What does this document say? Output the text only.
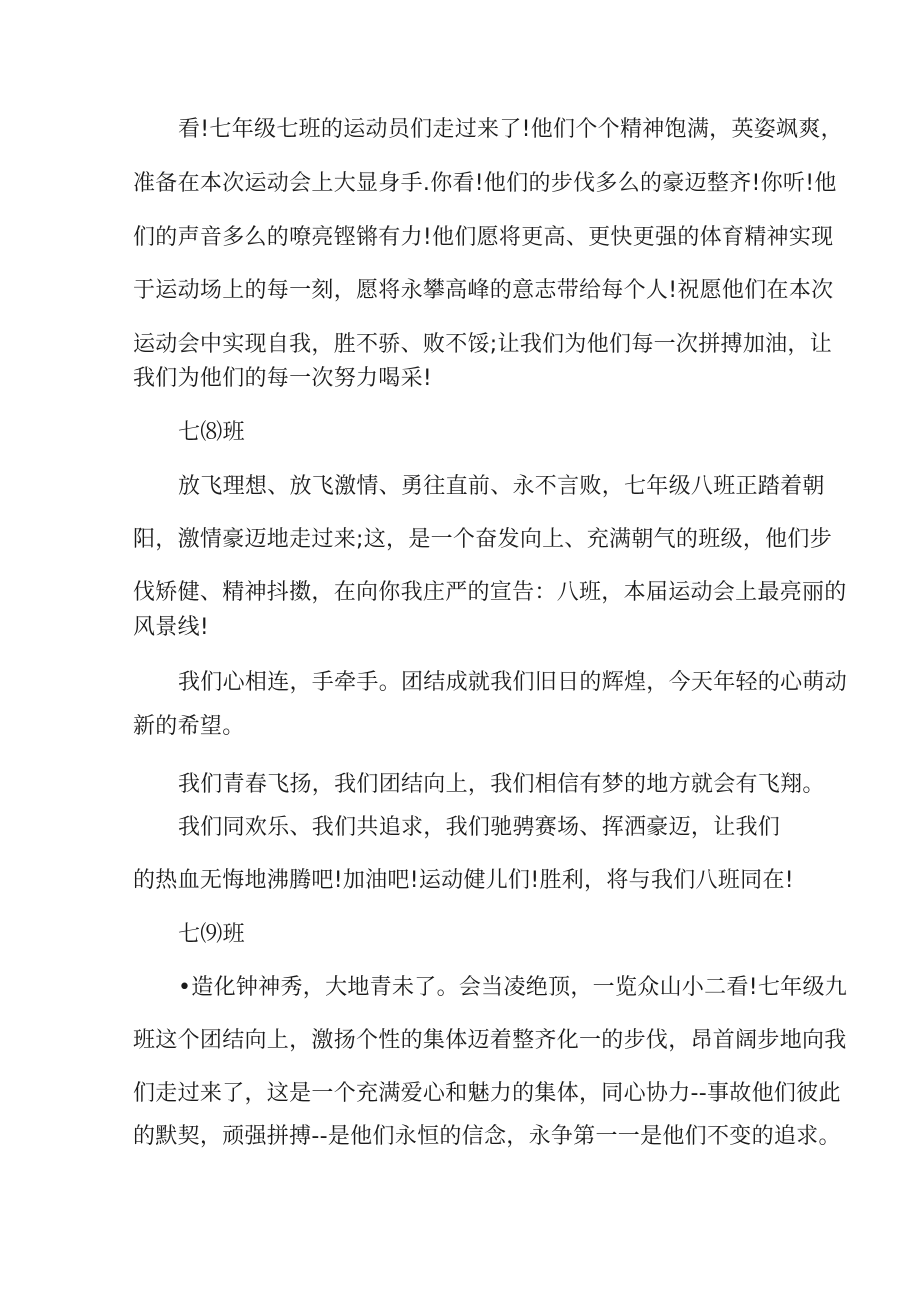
看!七年级七班的运动员们走过来了!他们个个精神饱满，英姿飒爽，
准备在本次运动会上大显身手.你看!他们的步伐多么的豪迈整齐!你听!他
们的声音多么的嘹亮铿锵有力!他们愿将更高、更快更强的体育精神实现
于运动场上的每一刻，愿将永攀高峰的意志带给每个人!祝愿他们在本次
运动会中实现自我，胜不骄、败不馁;让我们为他们每一次拼搏加油，让
我们为他们的每一次努力喝采!
七⑻班
放飞理想、放飞激情、勇往直前、永不言败，七年级八班正踏着朝
阳，激情豪迈地走过来;这，是一个奋发向上、充满朝气的班级，他们步
伐矫健、精神抖擞，在向你我庄严的宣告：八班，本届运动会上最亮丽的
风景线!
我们心相连，手牵手。团结成就我们旧日的辉煌，今天年轻的心萌动
新的希望。
我们青春飞扬，我们团结向上，我们相信有梦的地方就会有飞翔。
我们同欢乐、我们共追求，我们驰骋赛场、挥洒豪迈，让我们
的热血无悔地沸腾吧!加油吧!运动健儿们!胜利，将与我们八班同在!
七⑼班
•造化钟神秀，大地青未了。会当凌绝顶，一览众山小二看!七年级九
班这个团结向上，激扬个性的集体迈着整齐化一的步伐，昂首阔步地向我
们走过来了，这是一个充满爱心和魅力的集体，同心协力--事故他们彼此
的默契，顽强拼搏--是他们永恒的信念，永争第一一是他们不变的追求。
